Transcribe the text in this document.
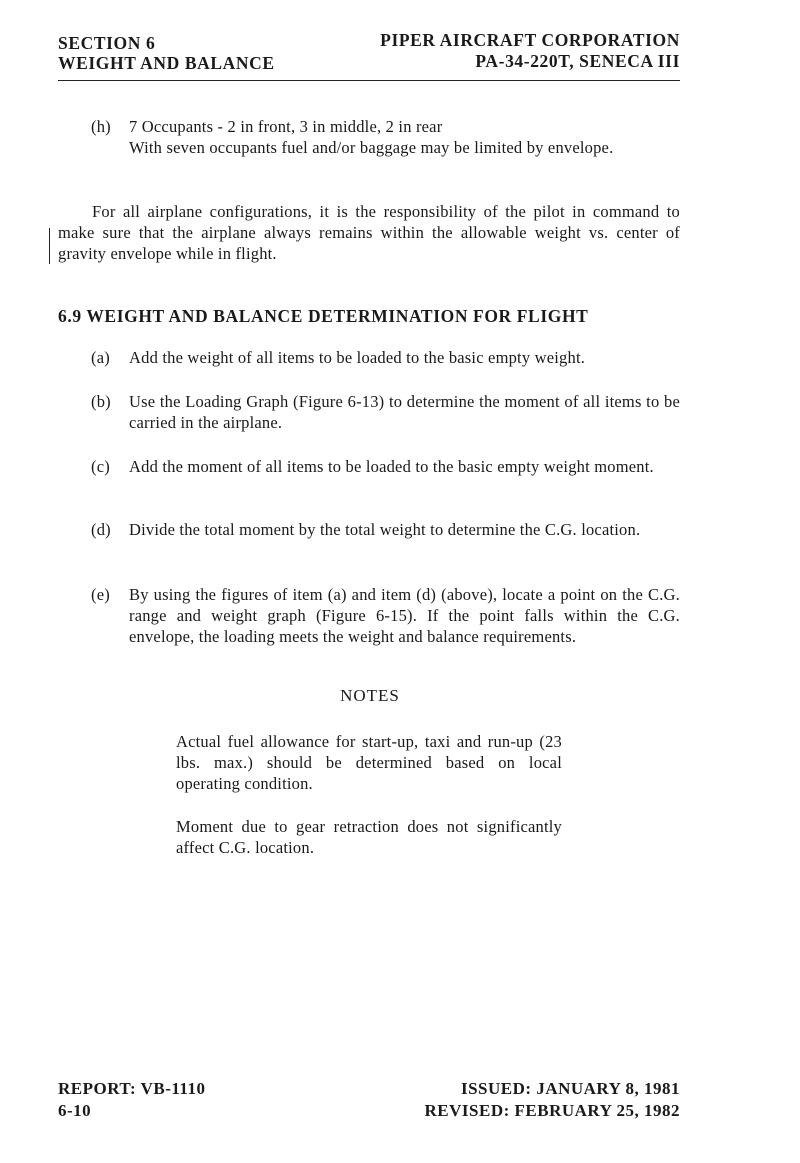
SECTION 6
WEIGHT AND BALANCE
PIPER AIRCRAFT CORPORATION
PA-34-220T, SENECA III
(h)	7 Occupants - 2 in front, 3 in middle, 2 in rear
With seven occupants fuel and/or baggage may be limited by envelope.
For all airplane configurations, it is the responsibility of the pilot in command to make sure that the airplane always remains within the allowable weight vs. center of gravity envelope while in flight.
6.9 WEIGHT AND BALANCE DETERMINATION FOR FLIGHT
(a)	Add the weight of all items to be loaded to the basic empty weight.
(b)	Use the Loading Graph (Figure 6-13) to determine the moment of all items to be carried in the airplane.
(c)	Add the moment of all items to be loaded to the basic empty weight moment.
(d)	Divide the total moment by the total weight to determine the C.G. location.
(e)	By using the figures of item (a) and item (d) (above), locate a point on the C.G. range and weight graph (Figure 6-15). If the point falls within the C.G. envelope, the loading meets the weight and balance requirements.
NOTES
Actual fuel allowance for start-up, taxi and run-up (23 lbs. max.) should be determined based on local operating condition.
Moment due to gear retraction does not significantly affect C.G. location.
REPORT: VB-1110
6-10
ISSUED: JANUARY 8, 1981
REVISED: FEBRUARY 25, 1982
